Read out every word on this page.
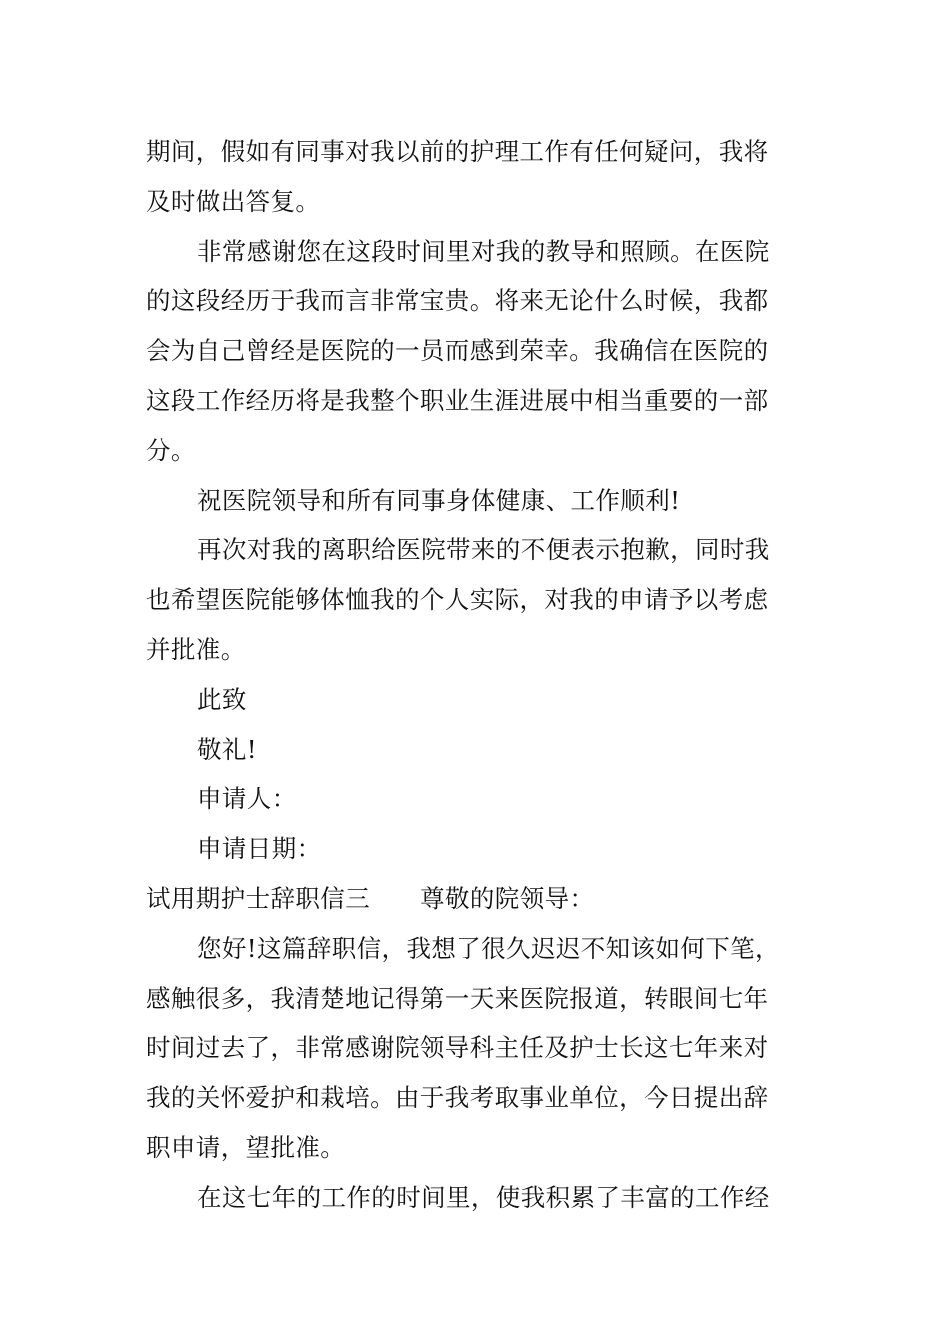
期间，假如有同事对我以前的护理工作有任何疑问，我将
及时做出答复。

非常感谢您在这段时间里对我的教导和照顾。在医院
的这段经历于我而言非常宝贵。将来无论什么时候，我都
会为自己曾经是医院的一员而感到荣幸。我确信在医院的
这段工作经历将是我整个职业生涯进展中相当重要的一部
分。

祝医院领导和所有同事身体健康、工作顺利!

再次对我的离职给医院带来的不便表示抱歉，同时我
也希望医院能够体恤我的个人实际，对我的申请予以考虑
并批准。

此致

敬礼!

申请人：

申请日期：

试用期护士辞职信三 尊敬的院领导：

您好!这篇辞职信，我想了很久迟迟不知该如何下笔，
感触很多，我清楚地记得第一天来医院报道，转眼间七年
时间过去了，非常感谢院领导科主任及护士长这七年来对
我的关怀爱护和栽培。由于我考取事业单位，今日提出辞
职申请，望批准。

在这七年的工作的时间里，使我积累了丰富的工作经
